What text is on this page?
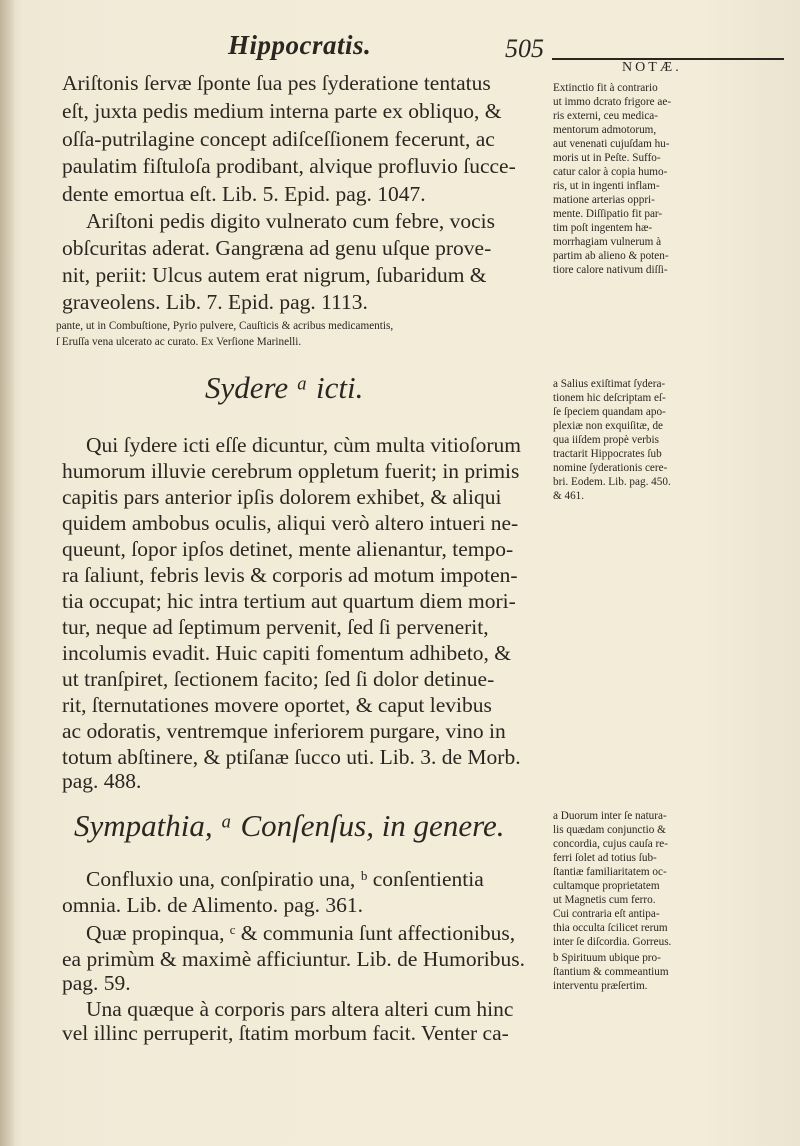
Hippocratis.	505
NOTÆ.
Ariſtonis ſervæ ſponte ſua pes ſyderatione tentatus
eſt, juxta pedis medium interna parte ex obliquo, &
oſſa-putrilagine concept adiſceſſionem fecerunt, ac
paulatim fiſtuloſa prodibant, alvique profluvio ſucce-
dente emortua eſt. Lib. 5. Epid. pag. 1047.
Ariſtoni pedis digito vulnerato cum febre, vocis
obſcuritas aderat. Gangræna ad genu uſque prove-
nit, periit: Ulcus autem erat nigrum, ſubaridum &
graveolens. Lib. 7. Epid. pag. 1113.
Extinctio fit à contrario
ut immo dcrato frigore ae-
ris externi, ceu medica-
mentorum admotorum,
aut venenati cujuſdam hu-
moris ut in Peſte. Suffo-
catur calor à copia humo-
ris, ut in ingenti inflam-
matione arterias oppri-
mente. Diſſipatio fit par-
tim poſt ingentem hæ-
morrhagiam vulnerum à
partim ab alieno & poten-
tiore calore nativum diſſi-
pante, ut in Combuſtione, Pyrio pulvere, Cauſticis & acribus medicamentis,
ſ Eruſſa vena ulcerato ac curato. Ex Verſione Marinelli.
Sydere ᵃ icti.
Qui ſydere icti eſſe dicuntur, cùm multa vitioſorum
humorum illuvie cerebrum oppletum fuerit; in primis
capitis pars anterior ipſis dolorem exhibet, & aliqui
quidem ambobus oculis, aliqui verò altero intueri ne-
queunt, ſopor ipſos detinet, mente alienantur, tempo-
ra ſaliunt, febris levis & corporis ad motum impoten-
tia occupat; hic intra tertium aut quartum diem mori-
tur, neque ad ſeptimum pervenit, ſed ſi pervenerit,
incolumis evadit. Huic capiti fomentum adhibeto, &
ut tranſpiret, ſectionem facito; ſed ſi dolor detinue-
rit, ſternutationes movere oportet, & caput levibus
ac odoratis, ventremque inferiorem purgare, vino in
totum abſtinere, & ptiſanæ ſucco uti. Lib. 3. de Morb.
pag. 488.
a Salius exiſtimat ſydera-
tionem hic deſcriptam eſ-
ſe ſpeciem quandam apo-
plexiæ non exquiſitæ, de
qua iiſdem propè verbis
tractarit Hippocrates ſub
nomine ſyderationis cere-
bri. Eodem. Lib. pag. 450.
& 461.
Sympathia, ᵃ Conſenſus, in genere.
Confluxio una, conſpiratio una, ᵇ conſentientia
omnia. Lib. de Alimento. pag. 361.
Quæ propinqua, ᶜ & communia ſunt affectionibus,
ea primùm & maximè afficiuntur. Lib. de Humoribus.
pag. 59.
Una quæque à corporis pars altera alteri cum hinc
vel illinc perruperit, ſtatim morbum facit. Venter ca-
a Duorum inter ſe natura-
lis quædam conjunctio &
concordia, cujus cauſa re-
ferri ſolet ad totius ſub-
ſtantiæ familiaritatem oc-
cultamque proprietatem
ut Magnetis cum ferro.
Cui contraria eſt antipa-
thia occulta ſcilicet rerum
inter ſe diſcordia. Gorreus.
b Spirituum ubique pro-
ſtantium & commeantium
interventu præſertim.
